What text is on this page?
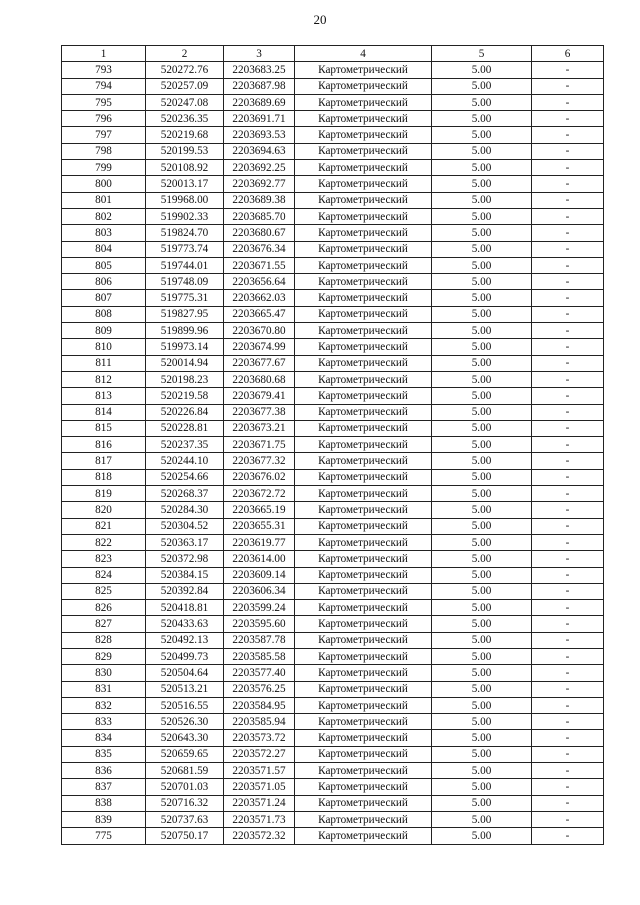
20
1	2	3	4	5	6
793	520272.76	2203683.25	Картометрический	5.00	-
794	520257.09	2203687.98	Картометрический	5.00	-
795	520247.08	2203689.69	Картометрический	5.00	-
796	520236.35	2203691.71	Картометрический	5.00	-
797	520219.68	2203693.53	Картометрический	5.00	-
798	520199.53	2203694.63	Картометрический	5.00	-
799	520108.92	2203692.25	Картометрический	5.00	-
800	520013.17	2203692.77	Картометрический	5.00	-
801	519968.00	2203689.38	Картометрический	5.00	-
802	519902.33	2203685.70	Картометрический	5.00	-
803	519824.70	2203680.67	Картометрический	5.00	-
804	519773.74	2203676.34	Картометрический	5.00	-
805	519744.01	2203671.55	Картометрический	5.00	-
806	519748.09	2203656.64	Картометрический	5.00	-
807	519775.31	2203662.03	Картометрический	5.00	-
808	519827.95	2203665.47	Картометрический	5.00	-
809	519899.96	2203670.80	Картометрический	5.00	-
810	519973.14	2203674.99	Картометрический	5.00	-
811	520014.94	2203677.67	Картометрический	5.00	-
812	520198.23	2203680.68	Картометрический	5.00	-
813	520219.58	2203679.41	Картометрический	5.00	-
814	520226.84	2203677.38	Картометрический	5.00	-
815	520228.81	2203673.21	Картометрический	5.00	-
816	520237.35	2203671.75	Картометрический	5.00	-
817	520244.10	2203677.32	Картометрический	5.00	-
818	520254.66	2203676.02	Картометрический	5.00	-
819	520268.37	2203672.72	Картометрический	5.00	-
820	520284.30	2203665.19	Картометрический	5.00	-
821	520304.52	2203655.31	Картометрический	5.00	-
822	520363.17	2203619.77	Картометрический	5.00	-
823	520372.98	2203614.00	Картометрический	5.00	-
824	520384.15	2203609.14	Картометрический	5.00	-
825	520392.84	2203606.34	Картометрический	5.00	-
826	520418.81	2203599.24	Картометрический	5.00	-
827	520433.63	2203595.60	Картометрический	5.00	-
828	520492.13	2203587.78	Картометрический	5.00	-
829	520499.73	2203585.58	Картометрический	5.00	-
830	520504.64	2203577.40	Картометрический	5.00	-
831	520513.21	2203576.25	Картометрический	5.00	-
832	520516.55	2203584.95	Картометрический	5.00	-
833	520526.30	2203585.94	Картометрический	5.00	-
834	520643.30	2203573.72	Картометрический	5.00	-
835	520659.65	2203572.27	Картометрический	5.00	-
836	520681.59	2203571.57	Картометрический	5.00	-
837	520701.03	2203571.05	Картометрический	5.00	-
838	520716.32	2203571.24	Картометрический	5.00	-
839	520737.63	2203571.73	Картометрический	5.00	-
775	520750.17	2203572.32	Картометрический	5.00	-
